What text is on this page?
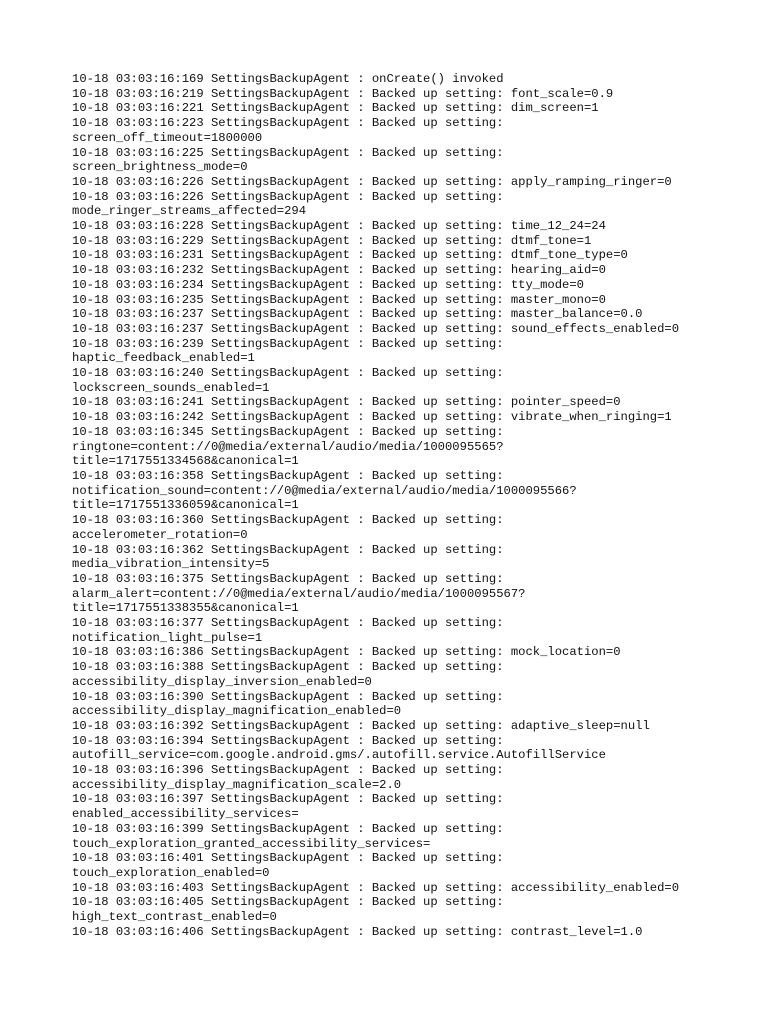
10-18 03:03:16:169 SettingsBackupAgent : onCreate() invoked
10-18 03:03:16:219 SettingsBackupAgent : Backed up setting: font_scale=0.9
10-18 03:03:16:221 SettingsBackupAgent : Backed up setting: dim_screen=1
10-18 03:03:16:223 SettingsBackupAgent : Backed up setting:
screen_off_timeout=1800000
10-18 03:03:16:225 SettingsBackupAgent : Backed up setting:
screen_brightness_mode=0
10-18 03:03:16:226 SettingsBackupAgent : Backed up setting: apply_ramping_ringer=0
10-18 03:03:16:226 SettingsBackupAgent : Backed up setting:
mode_ringer_streams_affected=294
10-18 03:03:16:228 SettingsBackupAgent : Backed up setting: time_12_24=24
10-18 03:03:16:229 SettingsBackupAgent : Backed up setting: dtmf_tone=1
10-18 03:03:16:231 SettingsBackupAgent : Backed up setting: dtmf_tone_type=0
10-18 03:03:16:232 SettingsBackupAgent : Backed up setting: hearing_aid=0
10-18 03:03:16:234 SettingsBackupAgent : Backed up setting: tty_mode=0
10-18 03:03:16:235 SettingsBackupAgent : Backed up setting: master_mono=0
10-18 03:03:16:237 SettingsBackupAgent : Backed up setting: master_balance=0.0
10-18 03:03:16:237 SettingsBackupAgent : Backed up setting: sound_effects_enabled=0
10-18 03:03:16:239 SettingsBackupAgent : Backed up setting:
haptic_feedback_enabled=1
10-18 03:03:16:240 SettingsBackupAgent : Backed up setting:
lockscreen_sounds_enabled=1
10-18 03:03:16:241 SettingsBackupAgent : Backed up setting: pointer_speed=0
10-18 03:03:16:242 SettingsBackupAgent : Backed up setting: vibrate_when_ringing=1
10-18 03:03:16:345 SettingsBackupAgent : Backed up setting:
ringtone=content://0@media/external/audio/media/1000095565?
title=1717551334568&canonical=1
10-18 03:03:16:358 SettingsBackupAgent : Backed up setting:
notification_sound=content://0@media/external/audio/media/1000095566?
title=1717551336059&canonical=1
10-18 03:03:16:360 SettingsBackupAgent : Backed up setting:
accelerometer_rotation=0
10-18 03:03:16:362 SettingsBackupAgent : Backed up setting:
media_vibration_intensity=5
10-18 03:03:16:375 SettingsBackupAgent : Backed up setting:
alarm_alert=content://0@media/external/audio/media/1000095567?
title=1717551338355&canonical=1
10-18 03:03:16:377 SettingsBackupAgent : Backed up setting:
notification_light_pulse=1
10-18 03:03:16:386 SettingsBackupAgent : Backed up setting: mock_location=0
10-18 03:03:16:388 SettingsBackupAgent : Backed up setting:
accessibility_display_inversion_enabled=0
10-18 03:03:16:390 SettingsBackupAgent : Backed up setting:
accessibility_display_magnification_enabled=0
10-18 03:03:16:392 SettingsBackupAgent : Backed up setting: adaptive_sleep=null
10-18 03:03:16:394 SettingsBackupAgent : Backed up setting:
autofill_service=com.google.android.gms/.autofill.service.AutofillService
10-18 03:03:16:396 SettingsBackupAgent : Backed up setting:
accessibility_display_magnification_scale=2.0
10-18 03:03:16:397 SettingsBackupAgent : Backed up setting:
enabled_accessibility_services=
10-18 03:03:16:399 SettingsBackupAgent : Backed up setting:
touch_exploration_granted_accessibility_services=
10-18 03:03:16:401 SettingsBackupAgent : Backed up setting:
touch_exploration_enabled=0
10-18 03:03:16:403 SettingsBackupAgent : Backed up setting: accessibility_enabled=0
10-18 03:03:16:405 SettingsBackupAgent : Backed up setting:
high_text_contrast_enabled=0
10-18 03:03:16:406 SettingsBackupAgent : Backed up setting: contrast_level=1.0
